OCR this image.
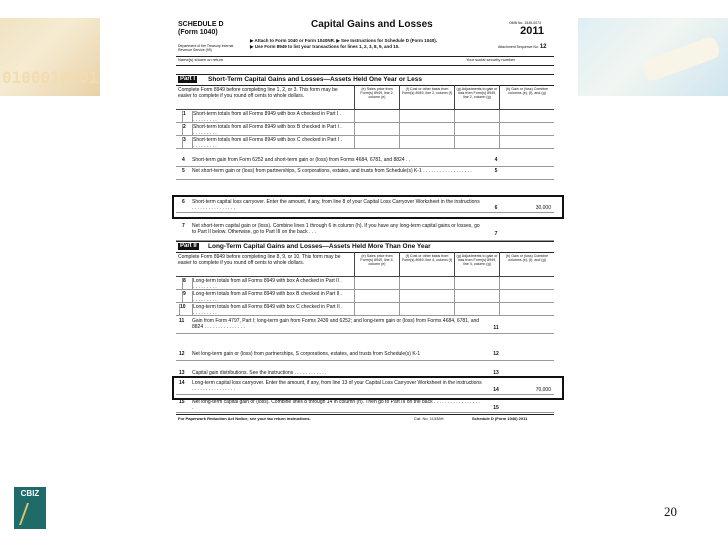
0100010101
SCHEDULE D
(Form 1040)
Department of the Treasury Internal Revenue Service (99)
Capital Gains and Losses
▶ Attach to Form 1040 or Form 1040NR. ▶ See Instructions for Schedule D (Form 1040).
▶ Use Form 8949 to list your transactions for lines 1, 2, 3, 8, 9, and 10.
OMB No. 1545-0074
2011
Attachment Sequence No. 12
Name(s) shown on return	Your social security number
Part I	Short-Term Capital Gains and Losses—Assets Held One Year or Less
Complete Form 8949 before completing line 1, 2, or 3. This form may be easier to complete if you round off cents to whole dollars.
(e) Sales price from Form(s) 8949, line 2, column (e)
(f) Cost or other basis from Form(s) 8949, line 2, column (f)
(g) Adjustments to gain or loss from Form(s) 8949, line 2, column (g)
(h) Gain or (loss) Combine columns (e), (f), and (g)
1 Short-term totals from all Forms 8949 with box A checked in Part I . . . . . . . . . .
2 Short-term totals from all Forms 8949 with box B checked in Part I . . . . . . . . . .
3 Short-term totals from all Forms 8949 with box C checked in Part I . . . . . . . . . .
4 Short-term gain from Form 6252 and short-term gain or (loss) from Forms 4684, 6781, and 8824 . .	4
5 Net short-term gain or (loss) from partnerships, S corporations, estates, and trusts from Schedule(s) K-1 . . . . . . . . . . . . . . . . . .	5
6 Short-term capital loss carryover. Enter the amount, if any, from line 8 of your Capital Loss Carryover Worksheet in the instructions . . . . . . . . . . . . . . . .	6	30,000
7 Net short-term capital gain or (loss). Combine lines 1 through 6 in column (h). If you have any long-term capital gains or losses, go to Part II below. Otherwise, go to Part III on the back . . .	7
Part II	Long-Term Capital Gains and Losses—Assets Held More Than One Year
Complete Form 8949 before completing line 8, 9, or 10. This form may be easier to complete if you round off cents to whole dollars.
(e) Sales price from Form(s) 8949, line 4, column (e)
(f) Cost or other basis from Form(s) 8949, line 4, column (f)
(g) Adjustments to gain or loss from Form(s) 8949, line 4, column (g)
(h) Gain or (loss) Combine columns (e), (f), and (g)
8 Long-term totals from all Forms 8949 with box A checked in Part II . . . . . . . . . .
9 Long-term totals from all Forms 8949 with box B checked in Part II . . . . . . . . . .
10 Long-term totals from all Forms 8949 with box C checked in Part II . . . . . . . . . .
11 Gain from Form 4797, Part I; long-term gain from Forms 2439 and 6252; and long-term gain or (loss) from Forms 4684, 6781, and 8824 . . . . . . . . . . . . . . .	11
12 Net long-term gain or (loss) from partnerships, S corporations, estates, and trusts from Schedule(s) K-1	12
13 Capital gain distributions. See the instructions . . . . . . . . . . . .	13
14 Long-term capital loss carryover. Enter the amount, if any, from line 13 of your Capital Loss Carryover Worksheet in the instructions . . . . . . . . . . . . . . . .	14	70,000
15 Net long-term capital gain or (loss). Combine lines 8 through 14 in column (h). Then go to Part III on the back . . . . . . . . . . . . . . . . . .	15
For Paperwork Reduction Act Notice, see your tax return instructions.	Cat. No. 11338H	Schedule D (Form 1040) 2011
CBIZ
20
